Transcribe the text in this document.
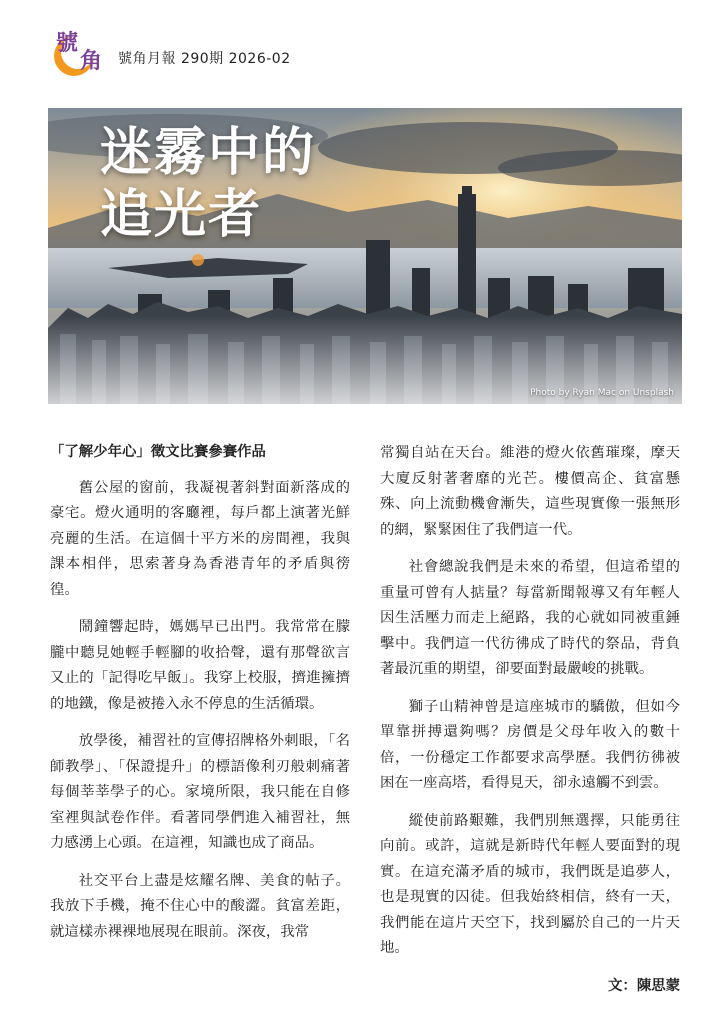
號
角 號角月報 290期 2026-02
迷霧中的
追光者
Photo by Ryan Mac on Unsplash
「了解少年心」徵文比賽參賽作品

舊公屋的窗前，我凝視著斜對面新落成的豪宅。燈火通明的客廳裡，每戶都上演著光鮮亮麗的生活。在這個十平方米的房間裡，我與課本相伴，思索著身為香港青年的矛盾與徬徨。

鬧鐘響起時，媽媽早已出門。我常常在朦朧中聽見她輕手輕腳的收拾聲，還有那聲欲言又止的「記得吃早飯」。我穿上校服，擠進擁擠的地鐵，像是被捲入永不停息的生活循環。

放學後，補習社的宣傳招牌格外刺眼，「名師教學」、「保證提升」的標語像利刃般刺痛著每個莘莘學子的心。家境所限，我只能在自修室裡與試卷作伴。看著同學們進入補習社，無力感湧上心頭。在這裡，知識也成了商品。

社交平台上盡是炫耀名牌、美食的帖子。我放下手機，掩不住心中的酸澀。貧富差距，就這樣赤裸裸地展現在眼前。深夜，我常

常獨自站在天台。維港的燈火依舊璀璨，摩天大廈反射著奢靡的光芒。樓價高企、貧富懸殊、向上流動機會漸失，這些現實像一張無形的網，緊緊困住了我們這一代。

社會總說我們是未來的希望，但這希望的重量可曾有人掂量？每當新聞報導又有年輕人因生活壓力而走上絕路，我的心就如同被重錘擊中。我們這一代彷彿成了時代的祭品，背負著最沉重的期望，卻要面對最嚴峻的挑戰。

獅子山精神曾是這座城市的驕傲，但如今單靠拼搏還夠嗎？房價是父母年收入的數十倍，一份穩定工作都要求高學歷。我們彷彿被困在一座高塔，看得見天，卻永遠觸不到雲。

縱使前路艱難，我們別無選擇，只能勇往向前。或許，這就是新時代年輕人要面對的現實。在這充滿矛盾的城市，我們既是追夢人，也是現實的囚徒。但我始終相信，終有一天，我們能在這片天空下，找到屬於自己的一片天地。

文：陳思蒙
